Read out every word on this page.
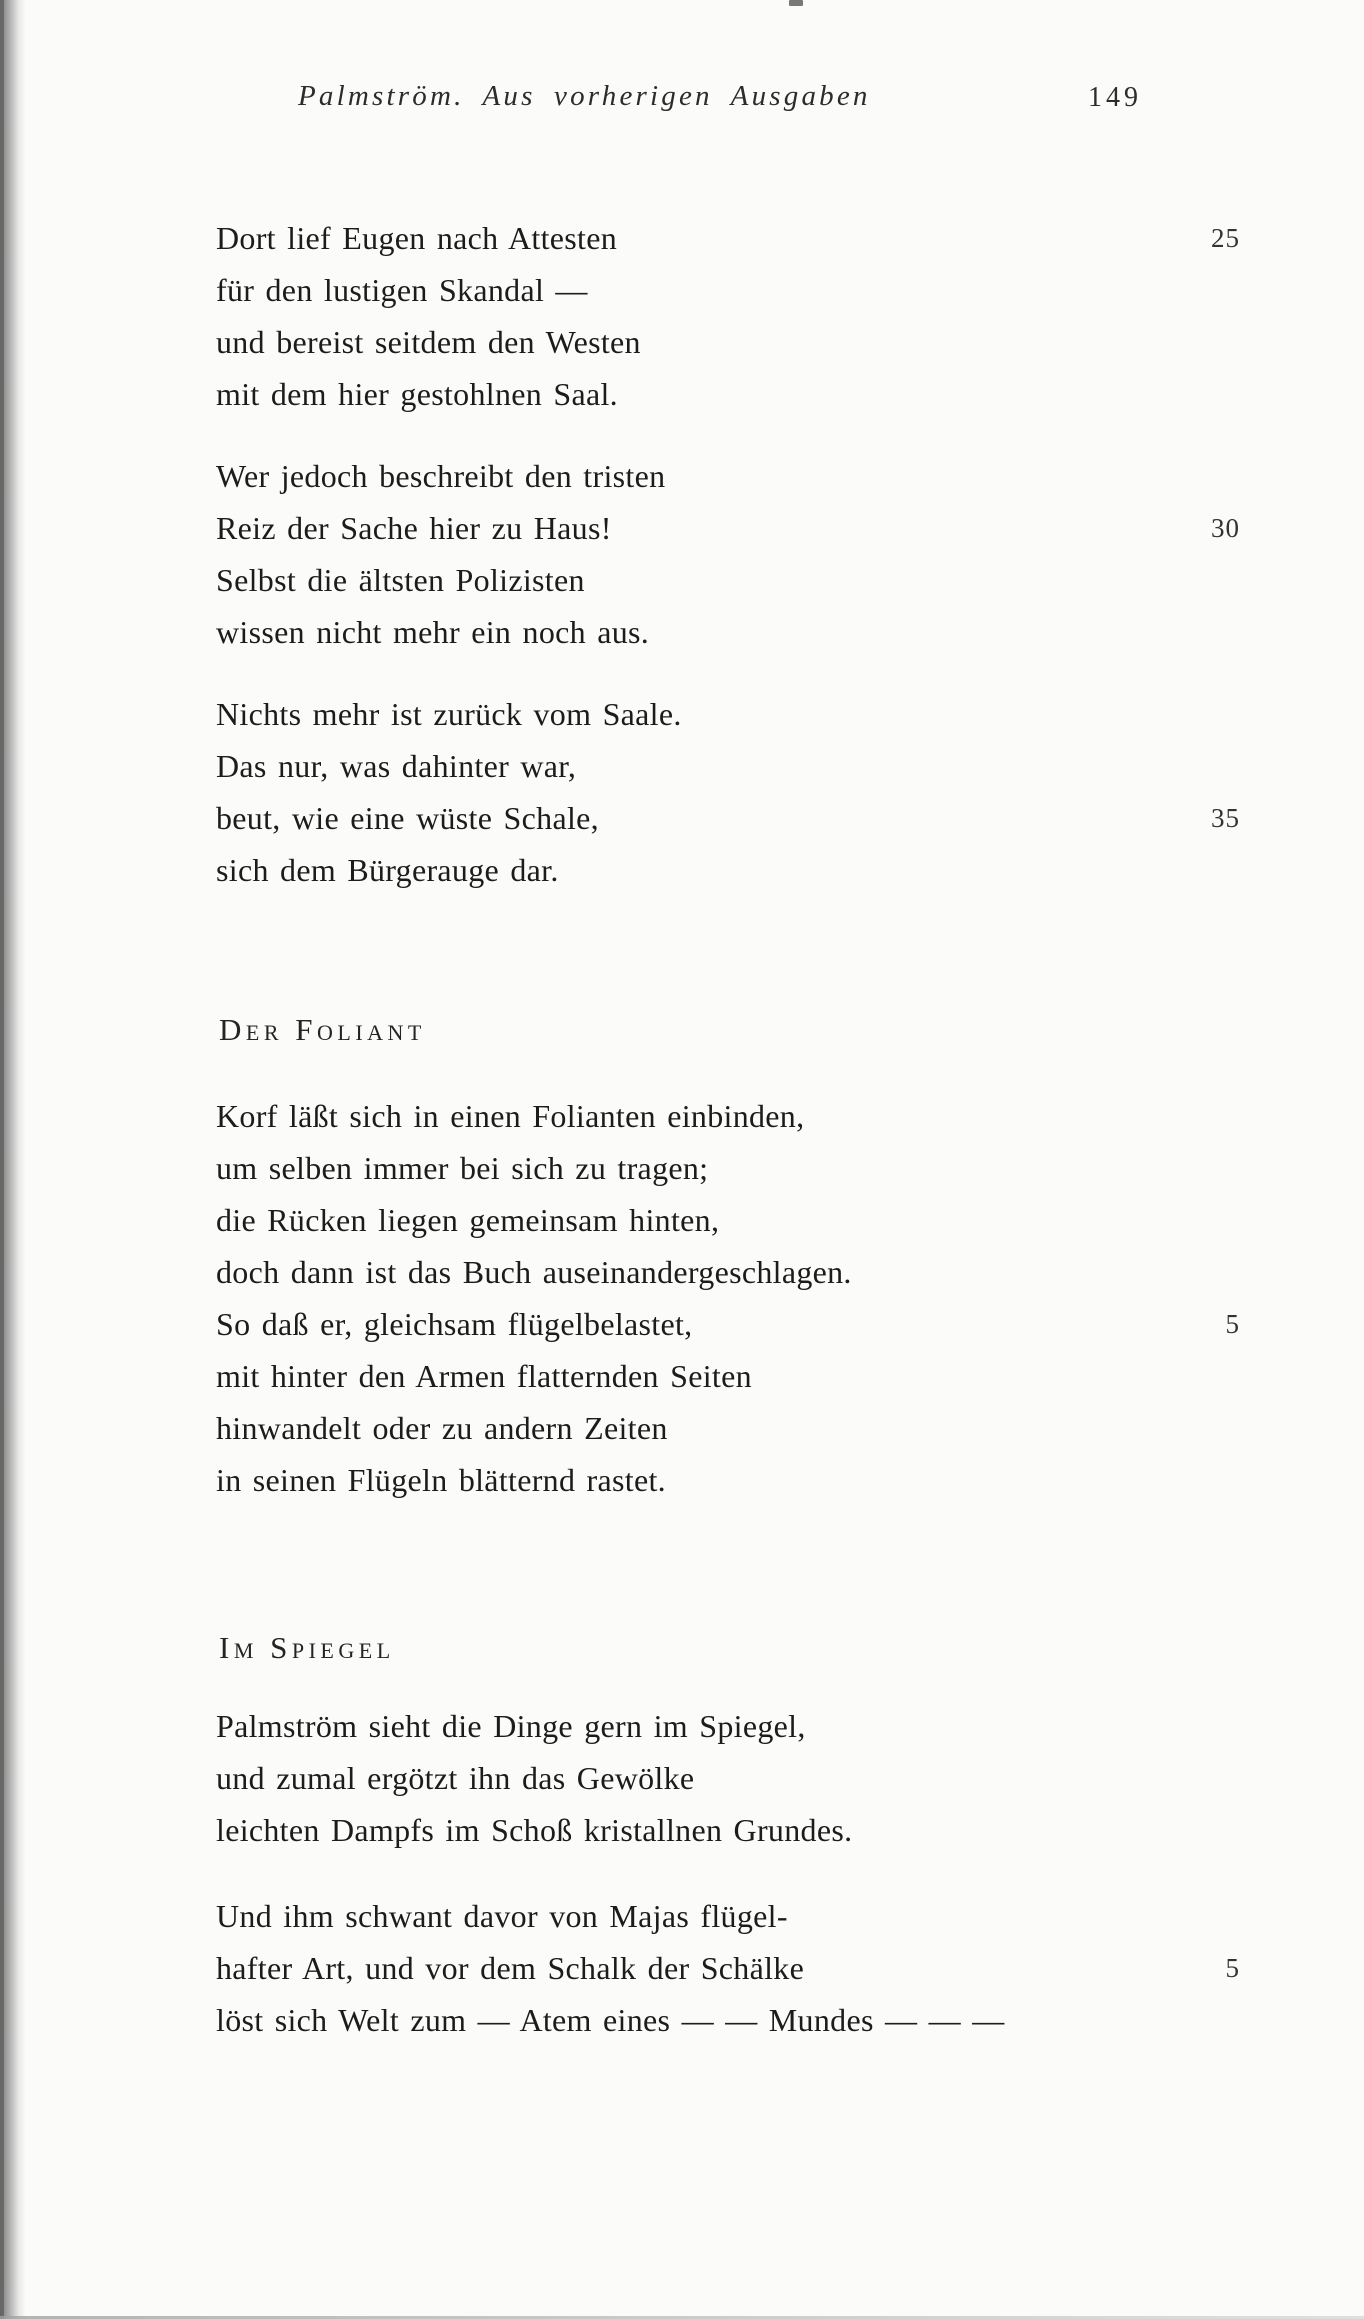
Palmström. Aus vorherigen Ausgaben	149
Dort lief Eugen nach Attesten	25
für den lustigen Skandal —
und bereist seitdem den Westen
mit dem hier gestohlnen Saal.
Wer jedoch beschreibt den tristen
Reiz der Sache hier zu Haus!	30
Selbst die ältsten Polizisten
wissen nicht mehr ein noch aus.
Nichts mehr ist zurück vom Saale.
Das nur, was dahinter war,
beut, wie eine wüste Schale,	35
sich dem Bürgerauge dar.
Der Foliant
Korf läßt sich in einen Folianten einbinden,
um selben immer bei sich zu tragen;
die Rücken liegen gemeinsam hinten,
doch dann ist das Buch auseinandergeschlagen.
So daß er, gleichsam flügelbelastet,	5
mit hinter den Armen flatternden Seiten
hinwandelt oder zu andern Zeiten
in seinen Flügeln blätternd rastet.
Im Spiegel
Palmström sieht die Dinge gern im Spiegel,
und zumal ergötzt ihn das Gewölke
leichten Dampfs im Schoß kristallnen Grundes.
Und ihm schwant davor von Majas flügel-
hafter Art, und vor dem Schalk der Schälke	5
löst sich Welt zum — Atem eines — — Mundes — — —
